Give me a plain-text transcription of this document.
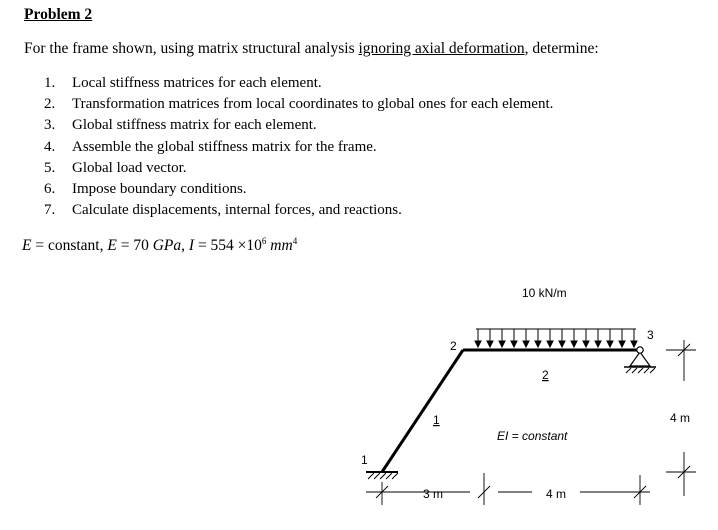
Problem 2
For the frame shown, using matrix structural analysis ignoring axial deformation, determine:
1. Local stiffness matrices for each element.
2. Transformation matrices from local coordinates to global ones for each element.
3. Global stiffness matrix for each element.
4. Assemble the global stiffness matrix for the frame.
5. Global load vector.
6. Impose boundary conditions.
7. Calculate displacements, internal forces, and reactions.
E = constant, E = 70 GPa, $I = 554 \times 10^6$ $mm^4$
10 kN/m
1
2
3
1
2
EI = constant
3 m	4 m
4 m
